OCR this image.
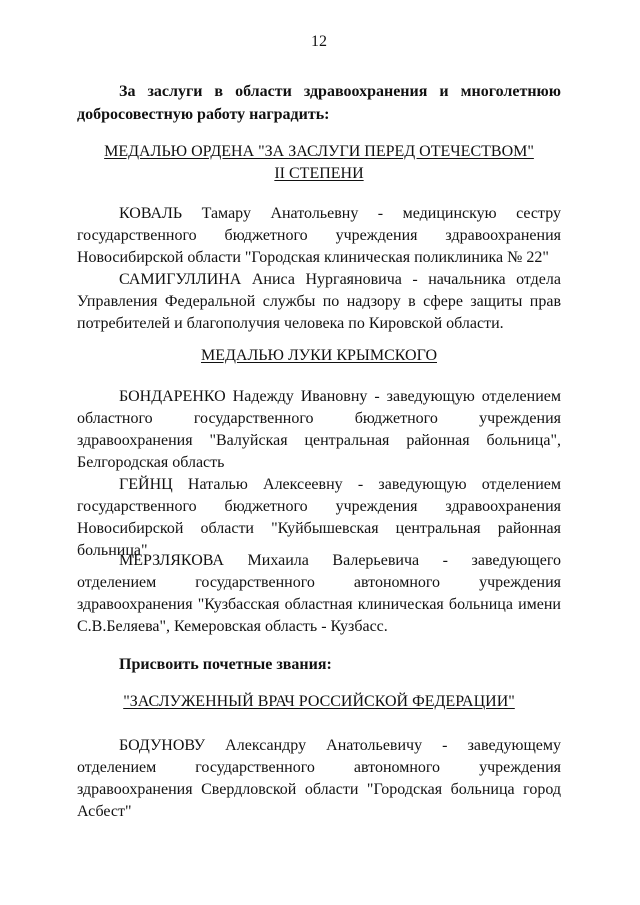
12
За заслуги в области здравоохранения и многолетнюю добросовестную работу наградить:
МЕДАЛЬЮ ОРДЕНА "ЗА ЗАСЛУГИ ПЕРЕД ОТЕЧЕСТВОМ"
II СТЕПЕНИ
КОВАЛЬ Тамару Анатольевну - медицинскую сестру государственного бюджетного учреждения здравоохранения Новосибирской области "Городская клиническая поликлиника № 22"
САМИГУЛЛИНА Аниса Нургаяновича - начальника отдела Управления Федеральной службы по надзору в сфере защиты прав потребителей и благополучия человека по Кировской области.
МЕДАЛЬЮ ЛУКИ КРЫМСКОГО
БОНДАРЕНКО Надежду Ивановну - заведующую отделением областного государственного бюджетного учреждения здравоохранения "Валуйская центральная районная больница", Белгородская область
ГЕЙНЦ Наталью Алексеевну - заведующую отделением государственного бюджетного учреждения здравоохранения Новосибирской области "Куйбышевская центральная районная больница"
МЕРЗЛЯКОВА Михаила Валерьевича - заведующего отделением государственного автономного учреждения здравоохранения "Кузбасская областная клиническая больница имени С.В.Беляева", Кемеровская область - Кузбасс.
Присвоить почетные звания:
"ЗАСЛУЖЕННЫЙ ВРАЧ РОССИЙСКОЙ ФЕДЕРАЦИИ"
БОДУНОВУ Александру Анатольевичу - заведующему отделением государственного автономного учреждения здравоохранения Свердловской области "Городская больница город Асбест"
